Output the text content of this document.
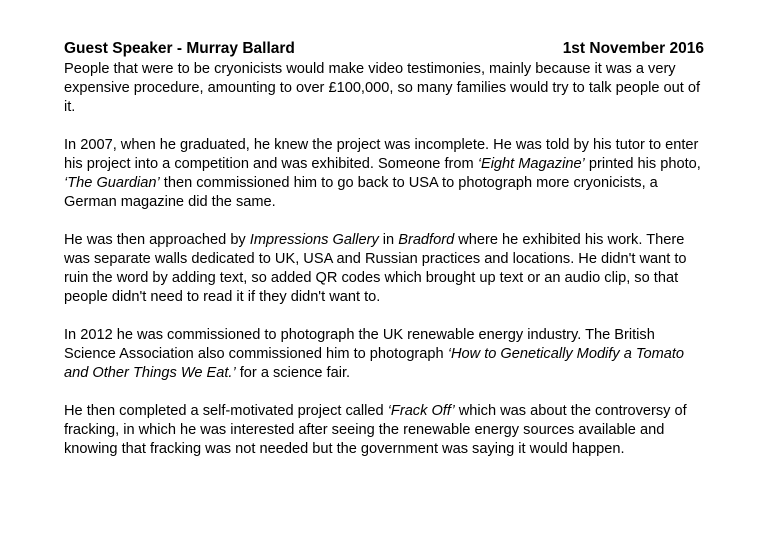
Guest Speaker - Murray Ballard	1st November 2016

People that were to be cryonicists would make video testimonies, mainly because it was a very expensive procedure, amounting to over £100,000, so many families would try to talk people out of it.

In 2007, when he graduated, he knew the project was incomplete. He was told by his tutor to enter his project into a competition and was exhibited. Someone from ‘Eight Magazine’ printed his photo, ‘The Guardian’ then commissioned him to go back to USA to photograph more cryonicists, a German magazine did the same.

He was then approached by Impressions Gallery in Bradford where he exhibited his work. There was separate walls dedicated to UK, USA and Russian practices and locations. He didn't want to ruin the word by adding text, so added QR codes which brought up text or an audio clip, so that people didn't need to read it if they didn't want to.

In 2012 he was commissioned to photograph the UK renewable energy industry. The British Science Association also commissioned him to photograph ‘How to Genetically Modify a Tomato and Other Things We Eat.’ for a science fair.

He then completed a self-motivated project called ‘Frack Off’ which was about the controversy of fracking, in which he was interested after seeing the renewable energy sources available and knowing that fracking was not needed but the government was saying it would happen.
